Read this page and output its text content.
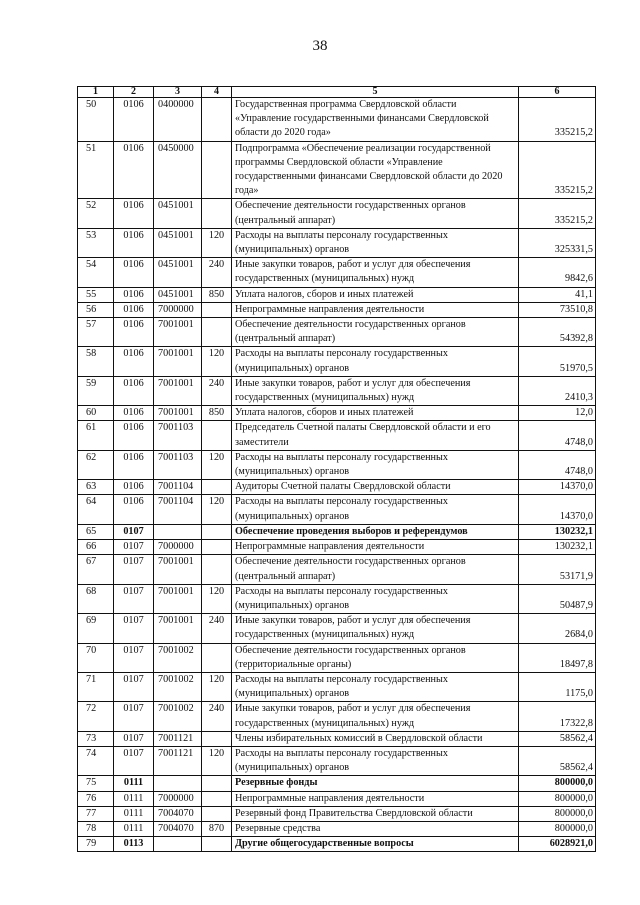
38
1	2	3	4	5	6
50	0106	0400000		Государственная программа Свердловской области «Управление государственными финансами Свердловской области до 2020 года»	335215,2
51	0106	0450000		Подпрограмма «Обеспечение реализации государственной программы Свердловской области «Управление государственными финансами Свердловской области до 2020 года»	335215,2
52	0106	0451001		Обеспечение деятельности государственных органов (центральный аппарат)	335215,2
53	0106	0451001	120	Расходы на выплаты персоналу государственных (муниципальных) органов	325331,5
54	0106	0451001	240	Иные закупки товаров, работ и услуг для обеспечения государственных (муниципальных) нужд	9842,6
55	0106	0451001	850	Уплата налогов, сборов и иных платежей	41,1
56	0106	7000000		Непрограммные направления деятельности	73510,8
57	0106	7001001		Обеспечение деятельности государственных органов (центральный аппарат)	54392,8
58	0106	7001001	120	Расходы на выплаты персоналу государственных (муниципальных) органов	51970,5
59	0106	7001001	240	Иные закупки товаров, работ и услуг для обеспечения государственных (муниципальных) нужд	2410,3
60	0106	7001001	850	Уплата налогов, сборов и иных платежей	12,0
61	0106	7001103		Председатель Счетной палаты Свердловской области и его заместители	4748,0
62	0106	7001103	120	Расходы на выплаты персоналу государственных (муниципальных) органов	4748,0
63	0106	7001104		Аудиторы Счетной палаты Свердловской области	14370,0
64	0106	7001104	120	Расходы на выплаты персоналу государственных (муниципальных) органов	14370,0
65	0107			Обеспечение проведения выборов и референдумов	130232,1
66	0107	7000000		Непрограммные направления деятельности	130232,1
67	0107	7001001		Обеспечение деятельности государственных органов (центральный аппарат)	53171,9
68	0107	7001001	120	Расходы на выплаты персоналу государственных (муниципальных) органов	50487,9
69	0107	7001001	240	Иные закупки товаров, работ и услуг для обеспечения государственных (муниципальных) нужд	2684,0
70	0107	7001002		Обеспечение деятельности государственных органов (территориальные органы)	18497,8
71	0107	7001002	120	Расходы на выплаты персоналу государственных (муниципальных) органов	1175,0
72	0107	7001002	240	Иные закупки товаров, работ и услуг для обеспечения государственных (муниципальных) нужд	17322,8
73	0107	7001121		Члены избирательных комиссий в Свердловской области	58562,4
74	0107	7001121	120	Расходы на выплаты персоналу государственных (муниципальных) органов	58562,4
75	0111			Резервные фонды	800000,0
76	0111	7000000		Непрограммные направления деятельности	800000,0
77	0111	7004070		Резервный фонд Правительства Свердловской области	800000,0
78	0111	7004070	870	Резервные средства	800000,0
79	0113			Другие общегосударственные вопросы	6028921,0
